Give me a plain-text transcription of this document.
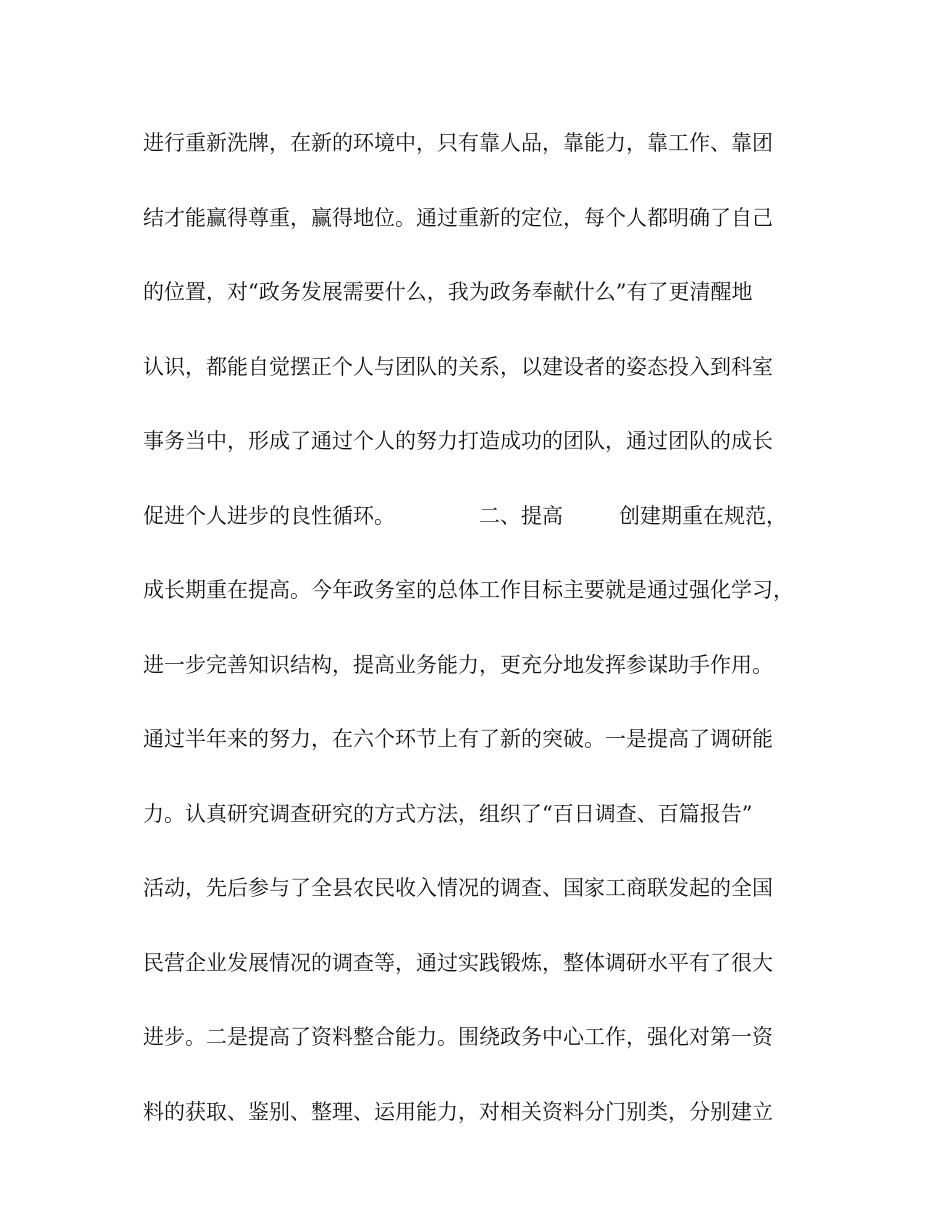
进行重新洗牌，在新的环境中，只有靠人品，靠能力，靠工作、靠团
结才能赢得尊重，赢得地位。通过重新的定位，每个人都明确了自己
的位置，对“政务发展需要什么，我为政务奉献什么”有了更清醒地
认识，都能自觉摆正个人与团队的关系，以建设者的姿态投入到科室
事务当中，形成了通过个人的努力打造成功的团队，通过团队的成长
促进个人进步的良性循环。	二、提高	创建期重在规范，
成长期重在提高。今年政务室的总体工作目标主要就是通过强化学习，
进一步完善知识结构，提高业务能力，更充分地发挥参谋助手作用。
通过半年来的努力，在六个环节上有了新的突破。一是提高了调研能
力。认真研究调查研究的方式方法，组织了“百日调查、百篇报告”
活动，先后参与了全县农民收入情况的调查、国家工商联发起的全国
民营企业发展情况的调查等，通过实践锻炼，整体调研水平有了很大
进步。二是提高了资料整合能力。围绕政务中心工作，强化对第一资
料的获取、鉴别、整理、运用能力，对相关资料分门别类，分别建立
